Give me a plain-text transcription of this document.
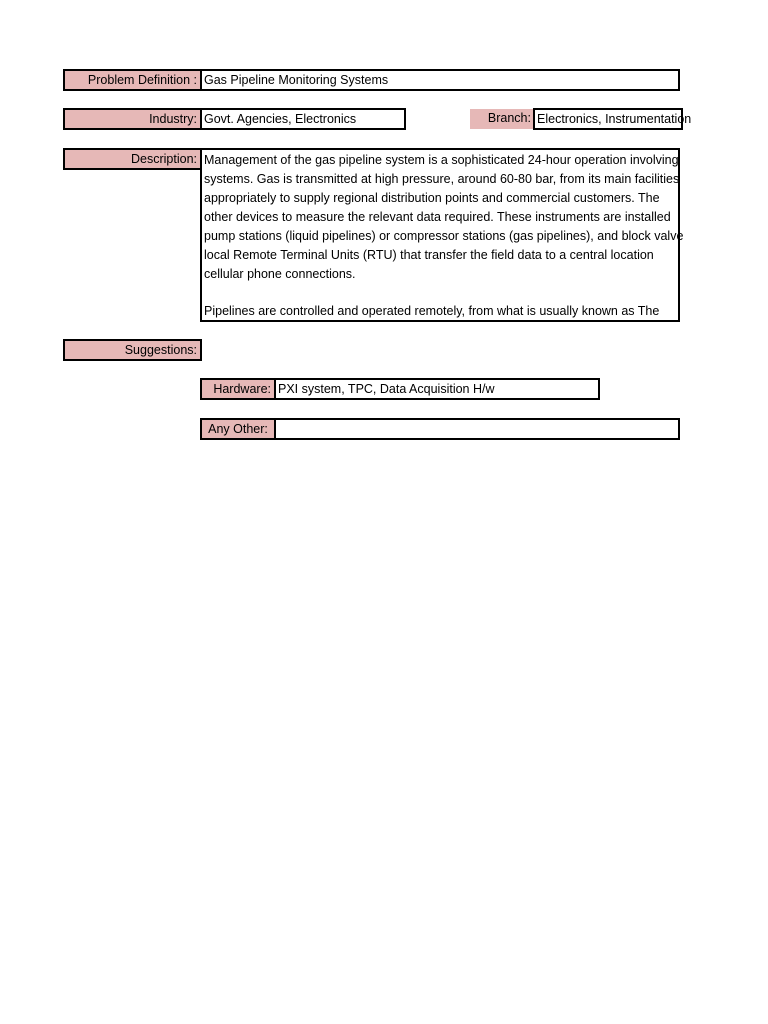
Problem Definition : Gas Pipeline Monitoring Systems
Industry: Govt. Agencies, Electronics	Branch: Electronics, Instrumentation
Description: Management of the gas pipeline system is a sophisticated 24-hour operation involving
systems. Gas is transmitted at high pressure, around 60-80 bar, from its main facilities
appropriately to supply regional distribution points and commercial customers. The
other devices to measure the relevant data required. These instruments are installed
pump stations (liquid pipelines) or compressor stations (gas pipelines), and block valve
local Remote Terminal Units (RTU) that transfer the field data to a central location
cellular phone connections.
Pipelines are controlled and operated remotely, from what is usually known as The
Suggestions:
Hardware: PXI system, TPC, Data Acquisition H/w
Any Other:
